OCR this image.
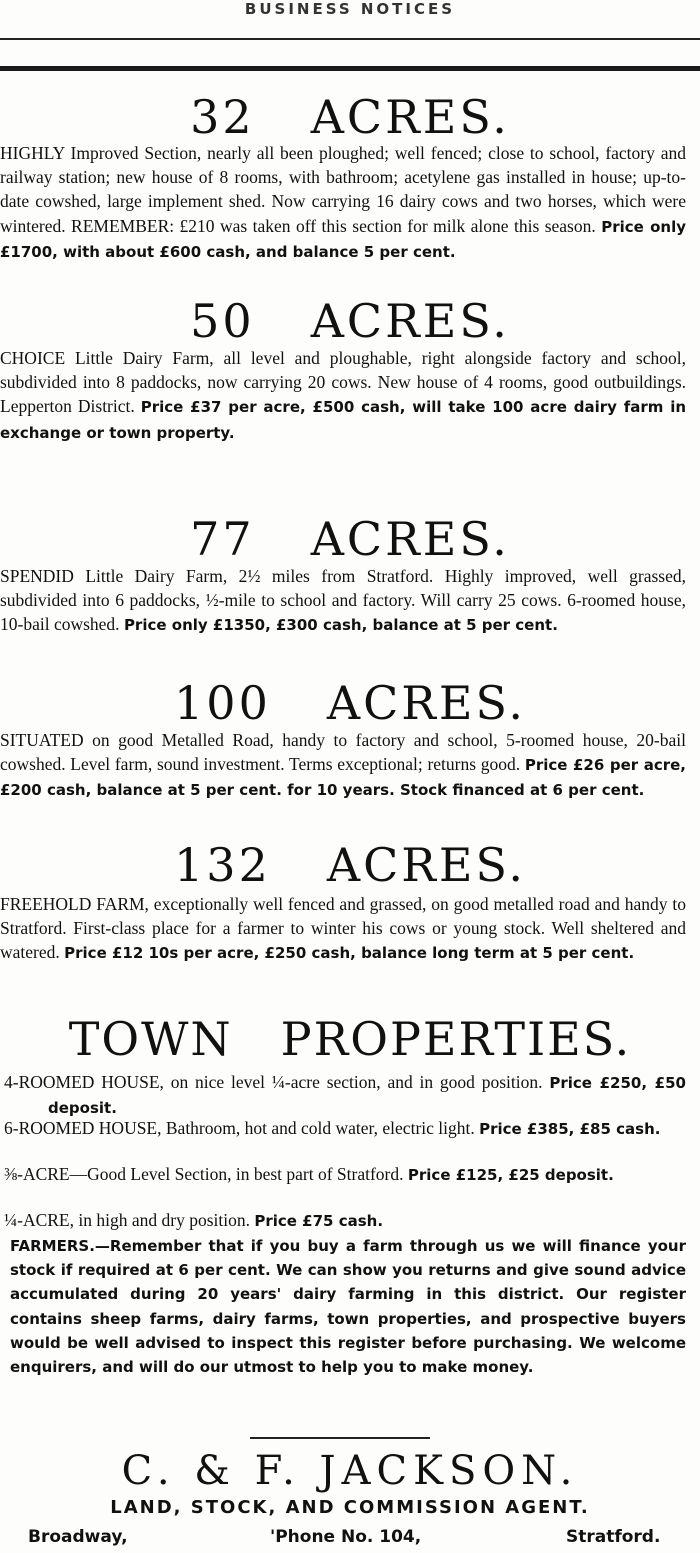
BUSINESS NOTICES
32 ACRES.
HIGHLY Improved Section, nearly all been ploughed; well fenced; close to school, factory and railway station; new house of 8 rooms, with bathroom; acetylene gas installed in house; up-to-date cowshed, large implement shed. Now carrying 16 dairy cows and two horses, which were wintered. REMEMBER: £210 was taken off this section for milk alone this season. Price only £1700, with about £600 cash, and balance 5 per cent.
50 ACRES.
CHOICE Little Dairy Farm, all level and ploughable, right alongside factory and school, subdivided into 8 paddocks, now carrying 20 cows. New house of 4 rooms, good outbuildings. Lepperton District. Price £37 per acre, £500 cash, will take 100 acre dairy farm in exchange or town property.
77 ACRES.
SPENDID Little Dairy Farm, 2½ miles from Stratford. Highly improved, well grassed, subdivided into 6 paddocks, ½-mile to school and factory. Will carry 25 cows. 6-roomed house, 10-bail cowshed. Price only £1350, £300 cash, balance at 5 per cent.
100 ACRES.
SITUATED on good Metalled Road, handy to factory and school, 5-roomed house, 20-bail cowshed. Level farm, sound investment. Terms exceptional; returns good. Price £26 per acre, £200 cash, balance at 5 per cent. for 10 years. Stock financed at 6 per cent.
132 ACRES.
FREEHOLD FARM, exceptionally well fenced and grassed, on good metalled road and handy to Stratford. First-class place for a farmer to winter his cows or young stock. Well sheltered and watered. Price £12 10s per acre, £250 cash, balance long term at 5 per cent.
TOWN PROPERTIES.
4-ROOMED HOUSE, on nice level ¼-acre section, and in good position. Price £250, £50 deposit.
6-ROOMED HOUSE, Bathroom, hot and cold water, electric light. Price £385, £85 cash.
⅜-ACRE—Good Level Section, in best part of Stratford. Price £125, £25 deposit.
¼-ACRE, in high and dry position. Price £75 cash.
FARMERS.—Remember that if you buy a farm through us we will finance your stock if required at 6 per cent. We can show you returns and give sound advice accumulated during 20 years' dairy farming in this district. Our register contains sheep farms, dairy farms, town properties, and prospective buyers would be well advised to inspect this register before purchasing. We welcome enquirers, and will do our utmost to help you to make money.
C. & F. JACKSON.
LAND, STOCK, AND COMMISSION AGENT.
Broadway,	'Phone No. 104,	Stratford.
